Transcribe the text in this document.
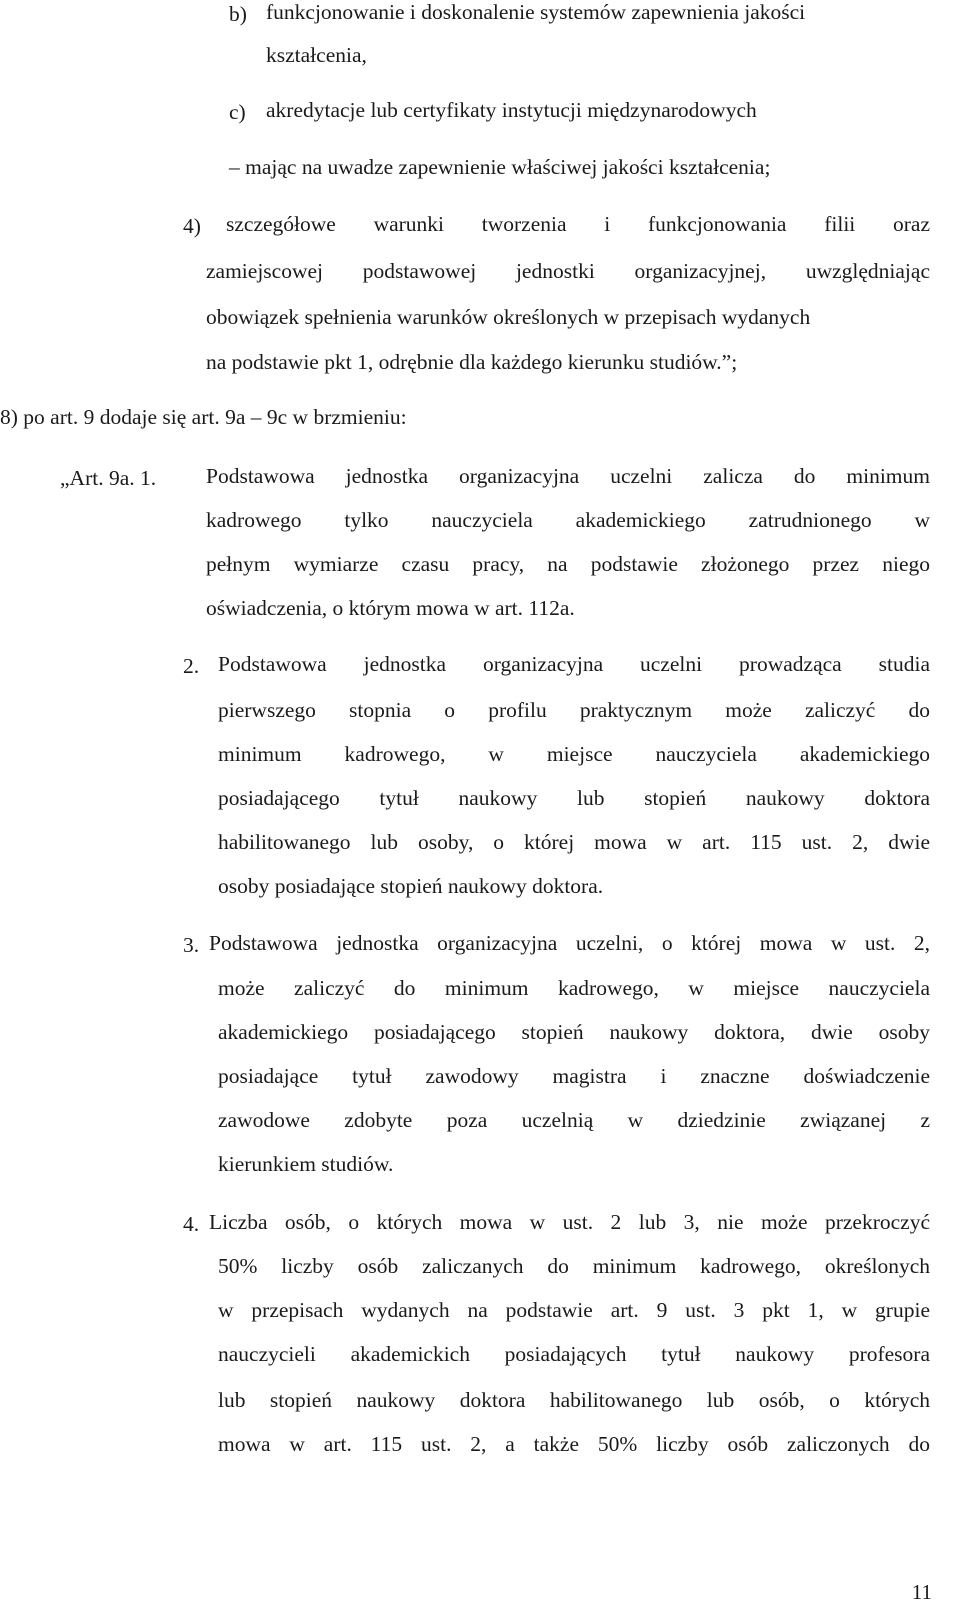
b) funkcjonowanie i doskonalenie systemów zapewnienia jakości
kształcenia,
c) akredytacje lub certyfikaty instytucji międzynarodowych
– mając na uwadze zapewnienie właściwej jakości kształcenia;
4) szczegółowe warunki tworzenia i funkcjonowania filii oraz
zamiejscowej podstawowej jednostki organizacyjnej, uwzględniając
obowiązek spełnienia warunków określonych w przepisach wydanych
na podstawie pkt 1, odrębnie dla każdego kierunku studiów.”;
8) po art. 9 dodaje się art. 9a – 9c w brzmieniu:
„Art. 9a. 1. Podstawowa jednostka organizacyjna uczelni zalicza do minimum
kadrowego tylko nauczyciela akademickiego zatrudnionego w
pełnym wymiarze czasu pracy, na podstawie złożonego przez niego
oświadczenia, o którym mowa w art. 112a.
2. Podstawowa jednostka organizacyjna uczelni prowadząca studia
pierwszego stopnia o profilu praktycznym może zaliczyć do
minimum kadrowego, w miejsce nauczyciela akademickiego
posiadającego tytuł naukowy lub stopień naukowy doktora
habilitowanego lub osoby, o której mowa w art. 115 ust. 2, dwie
osoby posiadające stopień naukowy doktora.
3. Podstawowa jednostka organizacyjna uczelni, o której mowa w ust. 2,
może zaliczyć do minimum kadrowego, w miejsce nauczyciela
akademickiego posiadającego stopień naukowy doktora, dwie osoby
posiadające tytuł zawodowy magistra i znaczne doświadczenie
zawodowe zdobyte poza uczelnią w dziedzinie związanej z
kierunkiem studiów.
4. Liczba osób, o których mowa w ust. 2 lub 3, nie może przekroczyć
50% liczby osób zaliczanych do minimum kadrowego, określonych
w przepisach wydanych na podstawie art. 9 ust. 3 pkt 1, w grupie
nauczycieli akademickich posiadających tytuł naukowy profesora
lub stopień naukowy doktora habilitowanego lub osób, o których
mowa w art. 115 ust. 2, a także 50% liczby osób zaliczonych do
11
